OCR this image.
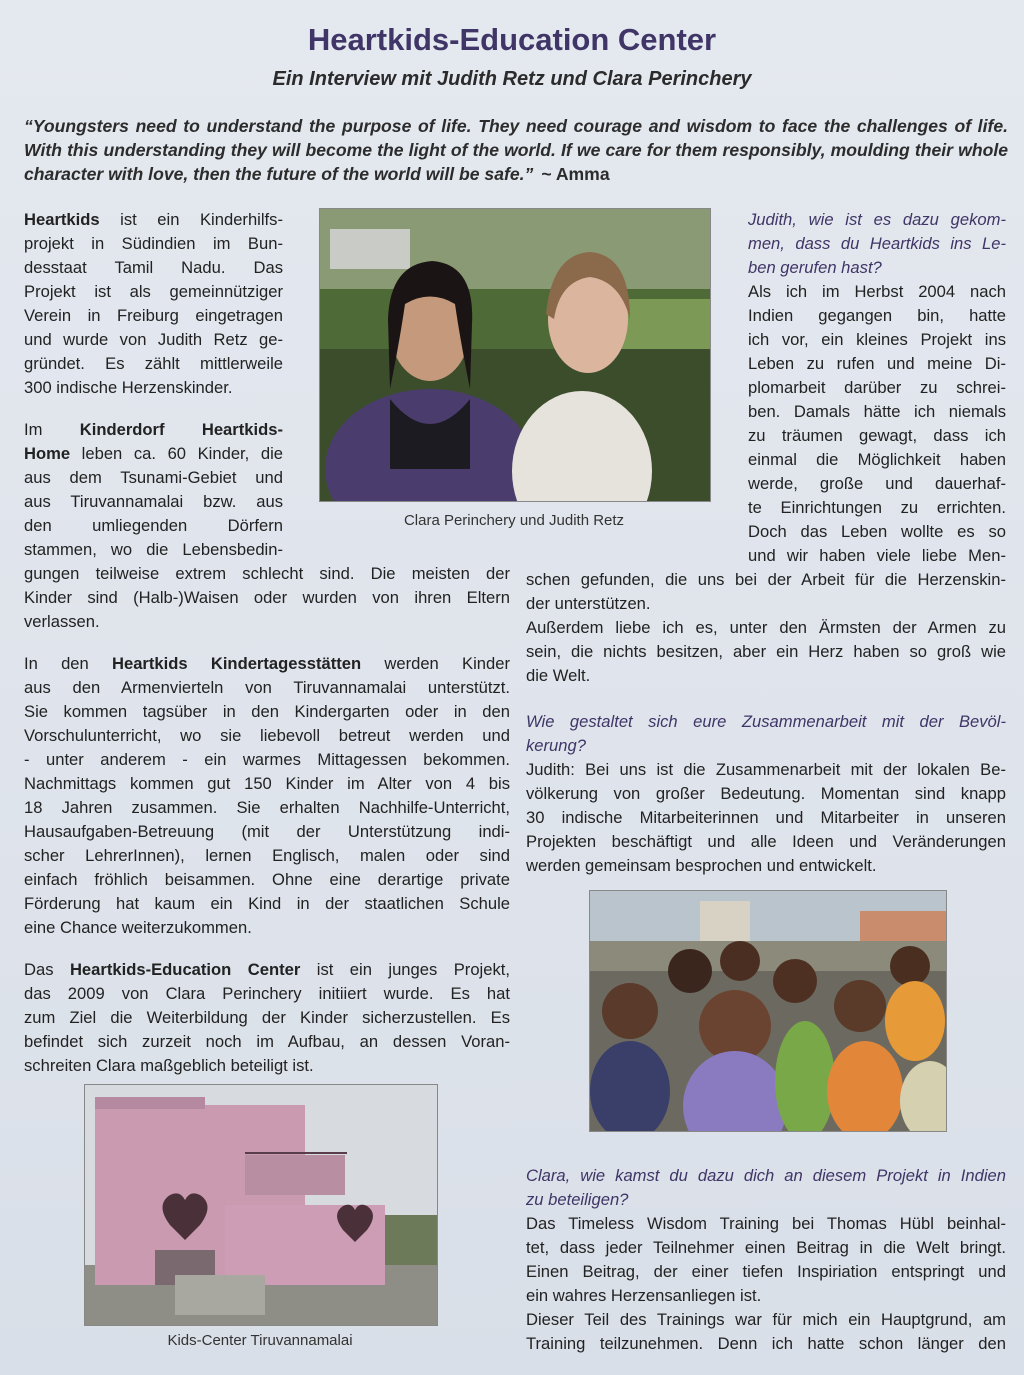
Heartkids-Education Center
Ein Interview mit Judith Retz und Clara Perinchery
“Youngsters need to understand the purpose of life. They need courage and wisdom to face the challenges of life. With this understanding they will become the light of the world. If we care for them responsibly, moulding their whole character with love, then the future of the world will be safe.” ~ Amma
Clara Perinchery und Judith Retz
Kids-Center Tiruvannamalai
Heartkids ist ein Kinderhilfs-
projekt in Südindien im Bun-
desstaat Tamil Nadu. Das
Projekt ist als gemeinnütziger
Verein in Freiburg eingetragen
und wurde von Judith Retz ge-
gründet. Es zählt mittlerweile
300 indische Herzenskinder.
Im Kinderdorf Heartkids-
Home leben ca. 60 Kinder, die
aus dem Tsunami-Gebiet und
aus Tiruvannamalai bzw. aus
den umliegenden Dörfern
stammen, wo die Lebensbedin-
gungen teilweise extrem schlecht sind. Die meisten der
Kinder sind (Halb-)Waisen oder wurden von ihren Eltern
verlassen.
In den Heartkids Kindertagesstätten werden Kinder
aus den Armenvierteln von Tiruvannamalai unterstützt.
Sie kommen tagsüber in den Kindergarten oder in den
Vorschulunterricht, wo sie liebevoll betreut werden und
- unter anderem - ein warmes Mittagessen bekommen.
Nachmittags kommen gut 150 Kinder im Alter von 4 bis
18 Jahren zusammen. Sie erhalten Nachhilfe-Unterricht,
Hausaufgaben-Betreuung (mit der Unterstützung indi-
scher LehrerInnen), lernen Englisch, malen oder sind
einfach fröhlich beisammen. Ohne eine derartige private
Förderung hat kaum ein Kind in der staatlichen Schule
eine Chance weiterzukommen.
Das Heartkids-Education Center ist ein junges Projekt,
das 2009 von Clara Perinchery initiiert wurde. Es hat
zum Ziel die Weiterbildung der Kinder sicherzustellen. Es
befindet sich zurzeit noch im Aufbau, an dessen Voran-
schreiten Clara maßgeblich beteiligt ist.
Judith, wie ist es dazu gekom-
men, dass du Heartkids ins Le-
ben gerufen hast?
Als ich im Herbst 2004 nach
Indien gegangen bin, hatte
ich vor, ein kleines Projekt ins
Leben zu rufen und meine Di-
plomarbeit darüber zu schrei-
ben. Damals hätte ich niemals
zu träumen gewagt, dass ich
einmal die Möglichkeit haben
werde, große und dauerhaf-
te Einrichtungen zu errichten.
Doch das Leben wollte es so
und wir haben viele liebe Men-
schen gefunden, die uns bei der Arbeit für die Herzenskin-
der unterstützen.
Außerdem liebe ich es, unter den Ärmsten der Armen zu
sein, die nichts besitzen, aber ein Herz haben so groß wie
die Welt.
Wie gestaltet sich eure Zusammenarbeit mit der Bevöl-
kerung?
Judith: Bei uns ist die Zusammenarbeit mit der lokalen Be-
völkerung von großer Bedeutung. Momentan sind knapp
30 indische Mitarbeiterinnen und Mitarbeiter in unseren
Projekten beschäftigt und alle Ideen und Veränderungen
werden gemeinsam besprochen und entwickelt.
Clara, wie kamst du dazu dich an diesem Projekt in Indien
zu beteiligen?
Das Timeless Wisdom Training bei Thomas Hübl beinhal-
tet, dass jeder Teilnehmer einen Beitrag in die Welt bringt.
Einen Beitrag, der einer tiefen Inspiriation entspringt und
ein wahres Herzensanliegen ist.
Dieser Teil des Trainings war für mich ein Hauptgrund, am
Training teilzunehmen. Denn ich hatte schon länger den
